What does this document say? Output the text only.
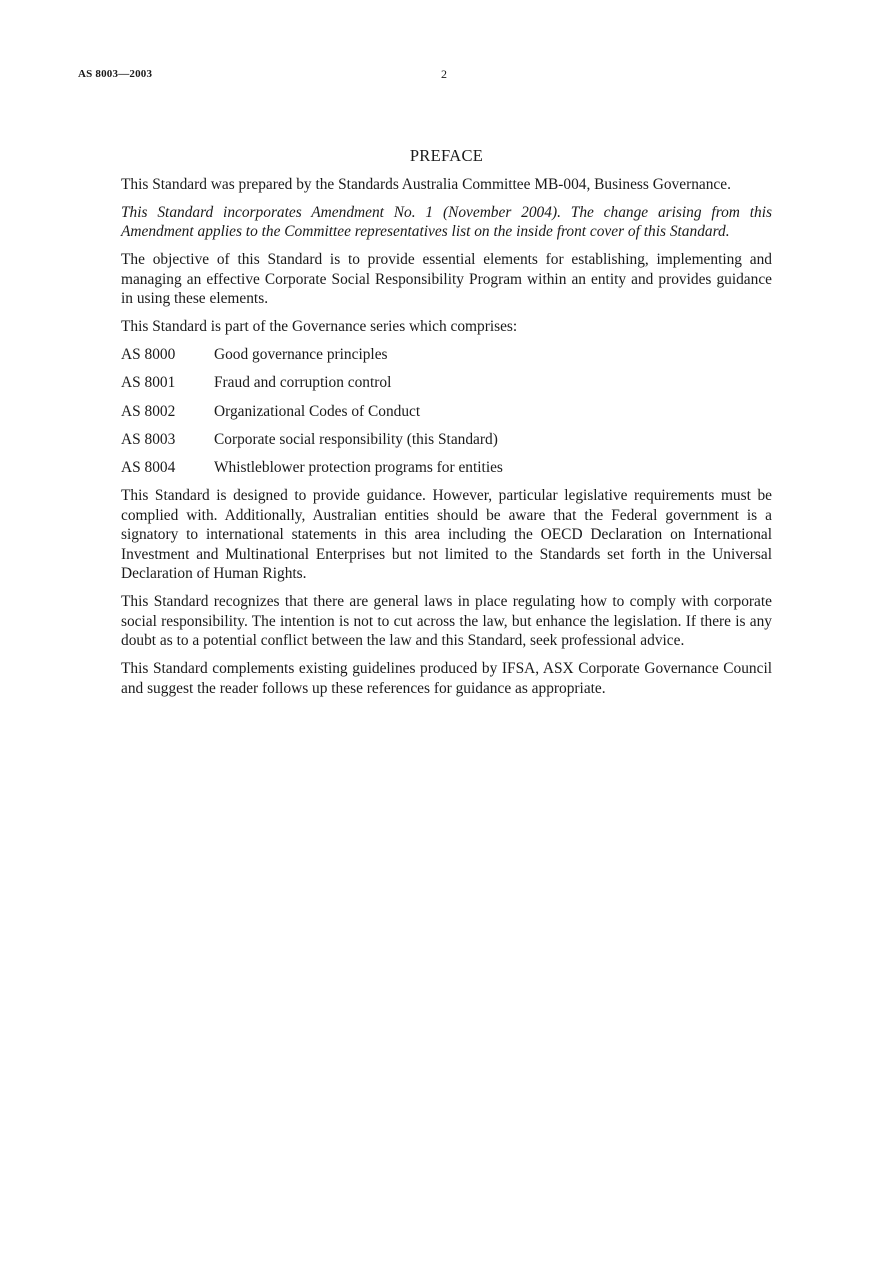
AS 8003—2003	2
PREFACE

This Standard was prepared by the Standards Australia Committee MB-004, Business Governance.

This Standard incorporates Amendment No. 1 (November 2004). The change arising from this Amendment applies to the Committee representatives list on the inside front cover of this Standard.

The objective of this Standard is to provide essential elements for establishing, implementing and managing an effective Corporate Social Responsibility Program within an entity and provides guidance in using these elements.

This Standard is part of the Governance series which comprises:

AS 8000	Good governance principles
AS 8001	Fraud and corruption control
AS 8002	Organizational Codes of Conduct
AS 8003	Corporate social responsibility (this Standard)
AS 8004	Whistleblower protection programs for entities

This Standard is designed to provide guidance. However, particular legislative requirements must be complied with. Additionally, Australian entities should be aware that the Federal government is a signatory to international statements in this area including the OECD Declaration on International Investment and Multinational Enterprises but not limited to the Standards set forth in the Universal Declaration of Human Rights.

This Standard recognizes that there are general laws in place regulating how to comply with corporate social responsibility. The intention is not to cut across the law, but enhance the legislation. If there is any doubt as to a potential conflict between the law and this Standard, seek professional advice.

This Standard complements existing guidelines produced by IFSA, ASX Corporate Governance Council and suggest the reader follows up these references for guidance as appropriate.
